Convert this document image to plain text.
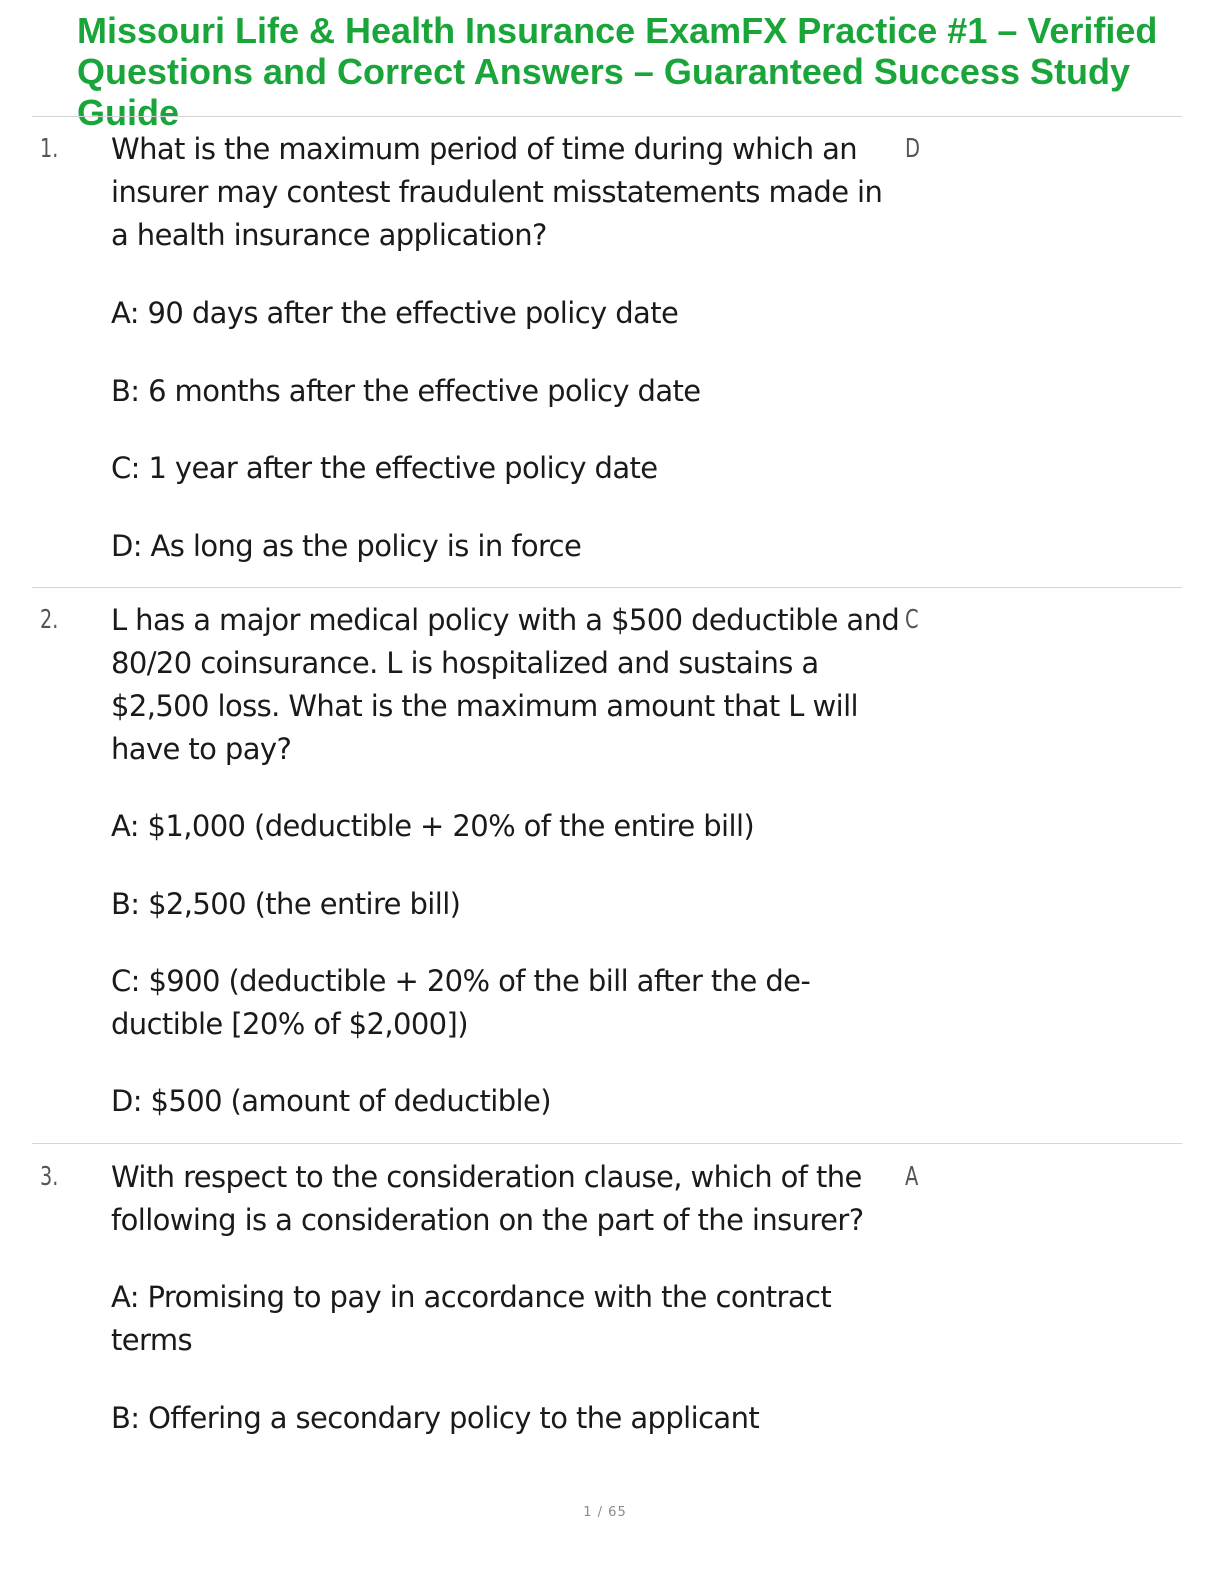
Missouri Life & Health Insurance ExamFX Practice #1 – Verified Questions and Correct Answers – Guaranteed Success Study Guide
1. What is the maximum period of time during which an insurer may contest fraudulent misstatements made in a health insurance application?

D

A: 90 days after the effective policy date

B: 6 months after the effective policy date

C: 1 year after the effective policy date

D: As long as the policy is in force

2. L has a major medical policy with a $500 deductible and 80/20 coinsurance. L is hospitalized and sustains a $2,500 loss. What is the maximum amount that L will have to pay?

C

A: $1,000 (deductible + 20% of the entire bill)

B: $2,500 (the entire bill)

C: $900 (deductible + 20% of the bill after the de- ductible [20% of $2,000])

D: $500 (amount of deductible)

3. With respect to the consideration clause, which of the following is a consideration on the part of the insurer?

A

A: Promising to pay in accordance with the contract terms

B: Offering a secondary policy to the applicant

1 / 65
